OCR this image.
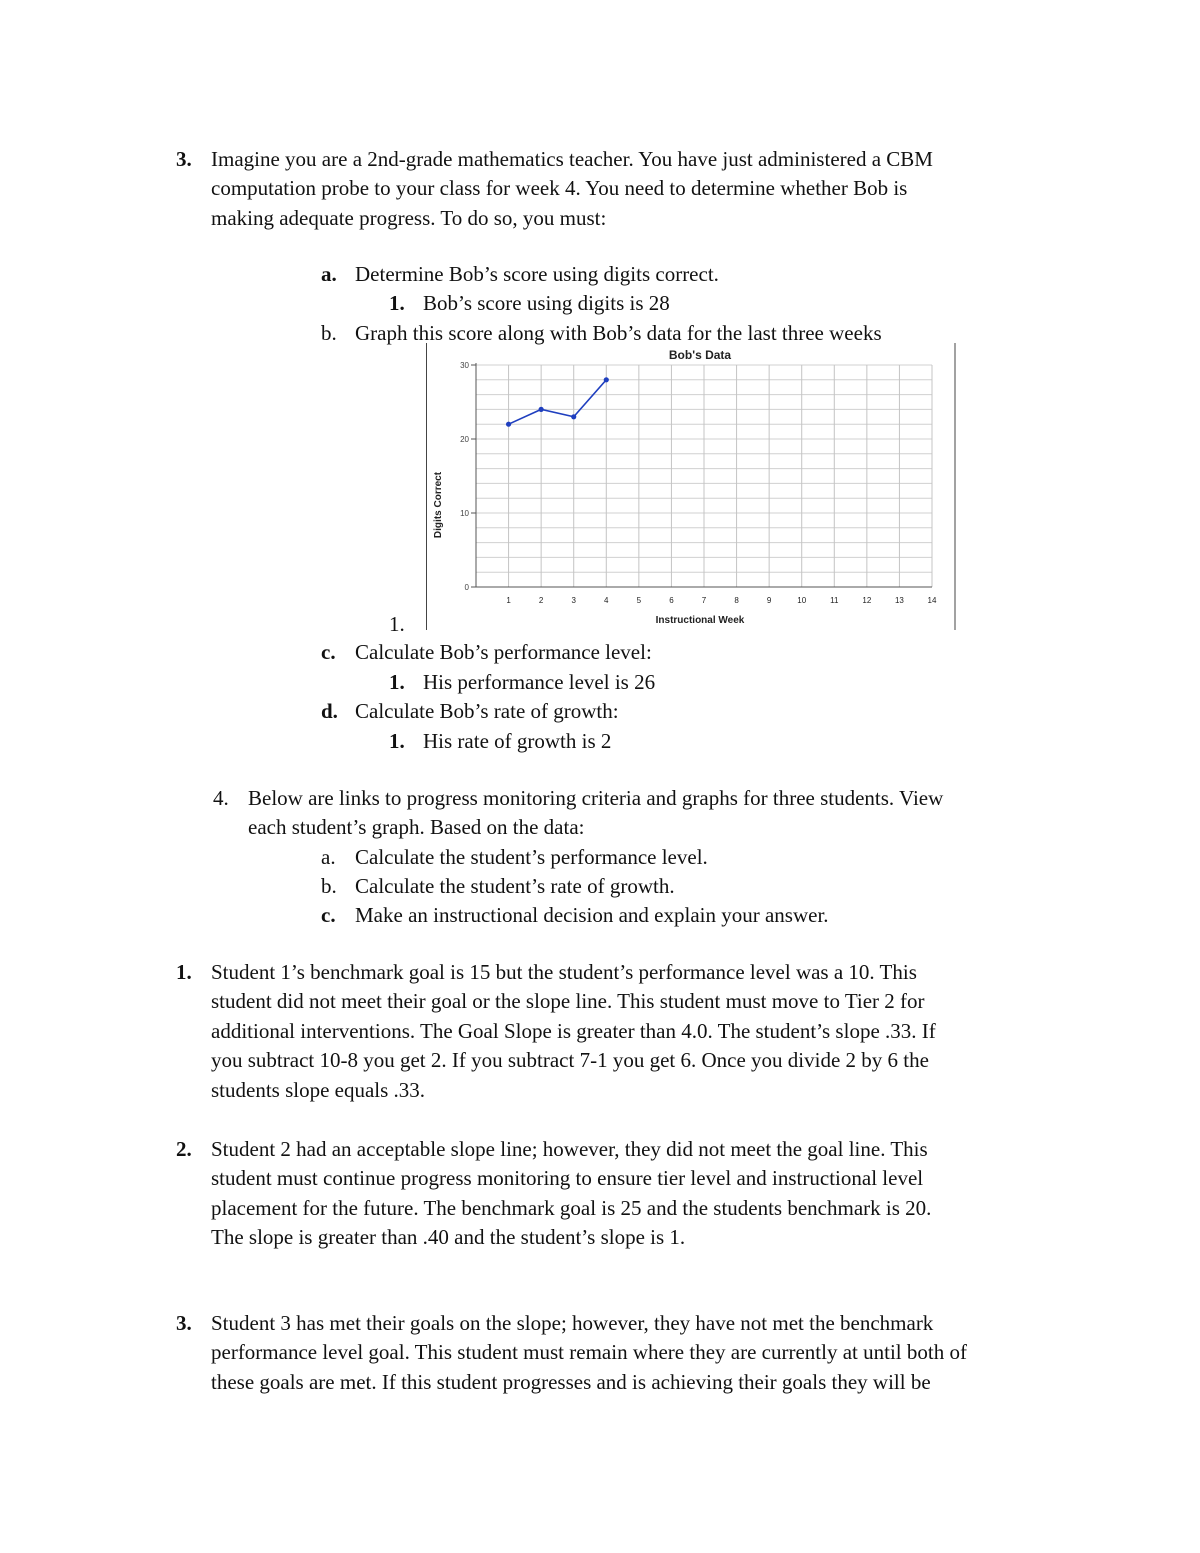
3. Imagine you are a 2nd-grade mathematics teacher. You have just administered a CBM
computation probe to your class for week 4. You need to determine whether Bob is
making adequate progress. To do so, you must:
a. Determine Bob’s score using digits correct.
1. Bob’s score using digits is 28
b. Graph this score along with Bob’s data for the last three weeks
Bob's Data
Digits Correct
Instructional Week
0
10
20
30
1	2	3	4	5	6	7	8	9	10	11	12	13	14
1.
c. Calculate Bob’s performance level:
1. His performance level is 26
d. Calculate Bob’s rate of growth:
1. His rate of growth is 2
4. Below are links to progress monitoring criteria and graphs for three students. View
each student’s graph. Based on the data:
a. Calculate the student’s performance level.
b. Calculate the student’s rate of growth.
c. Make an instructional decision and explain your answer.
1. Student 1’s benchmark goal is 15 but the student’s performance level was a 10. This
student did not meet their goal or the slope line. This student must move to Tier 2 for
additional interventions. The Goal Slope is greater than 4.0. The student’s slope .33. If
you subtract 10-8 you get 2. If you subtract 7-1 you get 6. Once you divide 2 by 6 the
students slope equals .33.
2. Student 2 had an acceptable slope line; however, they did not meet the goal line. This
student must continue progress monitoring to ensure tier level and instructional level
placement for the future. The benchmark goal is 25 and the students benchmark is 20.
The slope is greater than .40 and the student’s slope is 1.
3. Student 3 has met their goals on the slope; however, they have not met the benchmark
performance level goal. This student must remain where they are currently at until both of
these goals are met. If this student progresses and is achieving their goals they will be
